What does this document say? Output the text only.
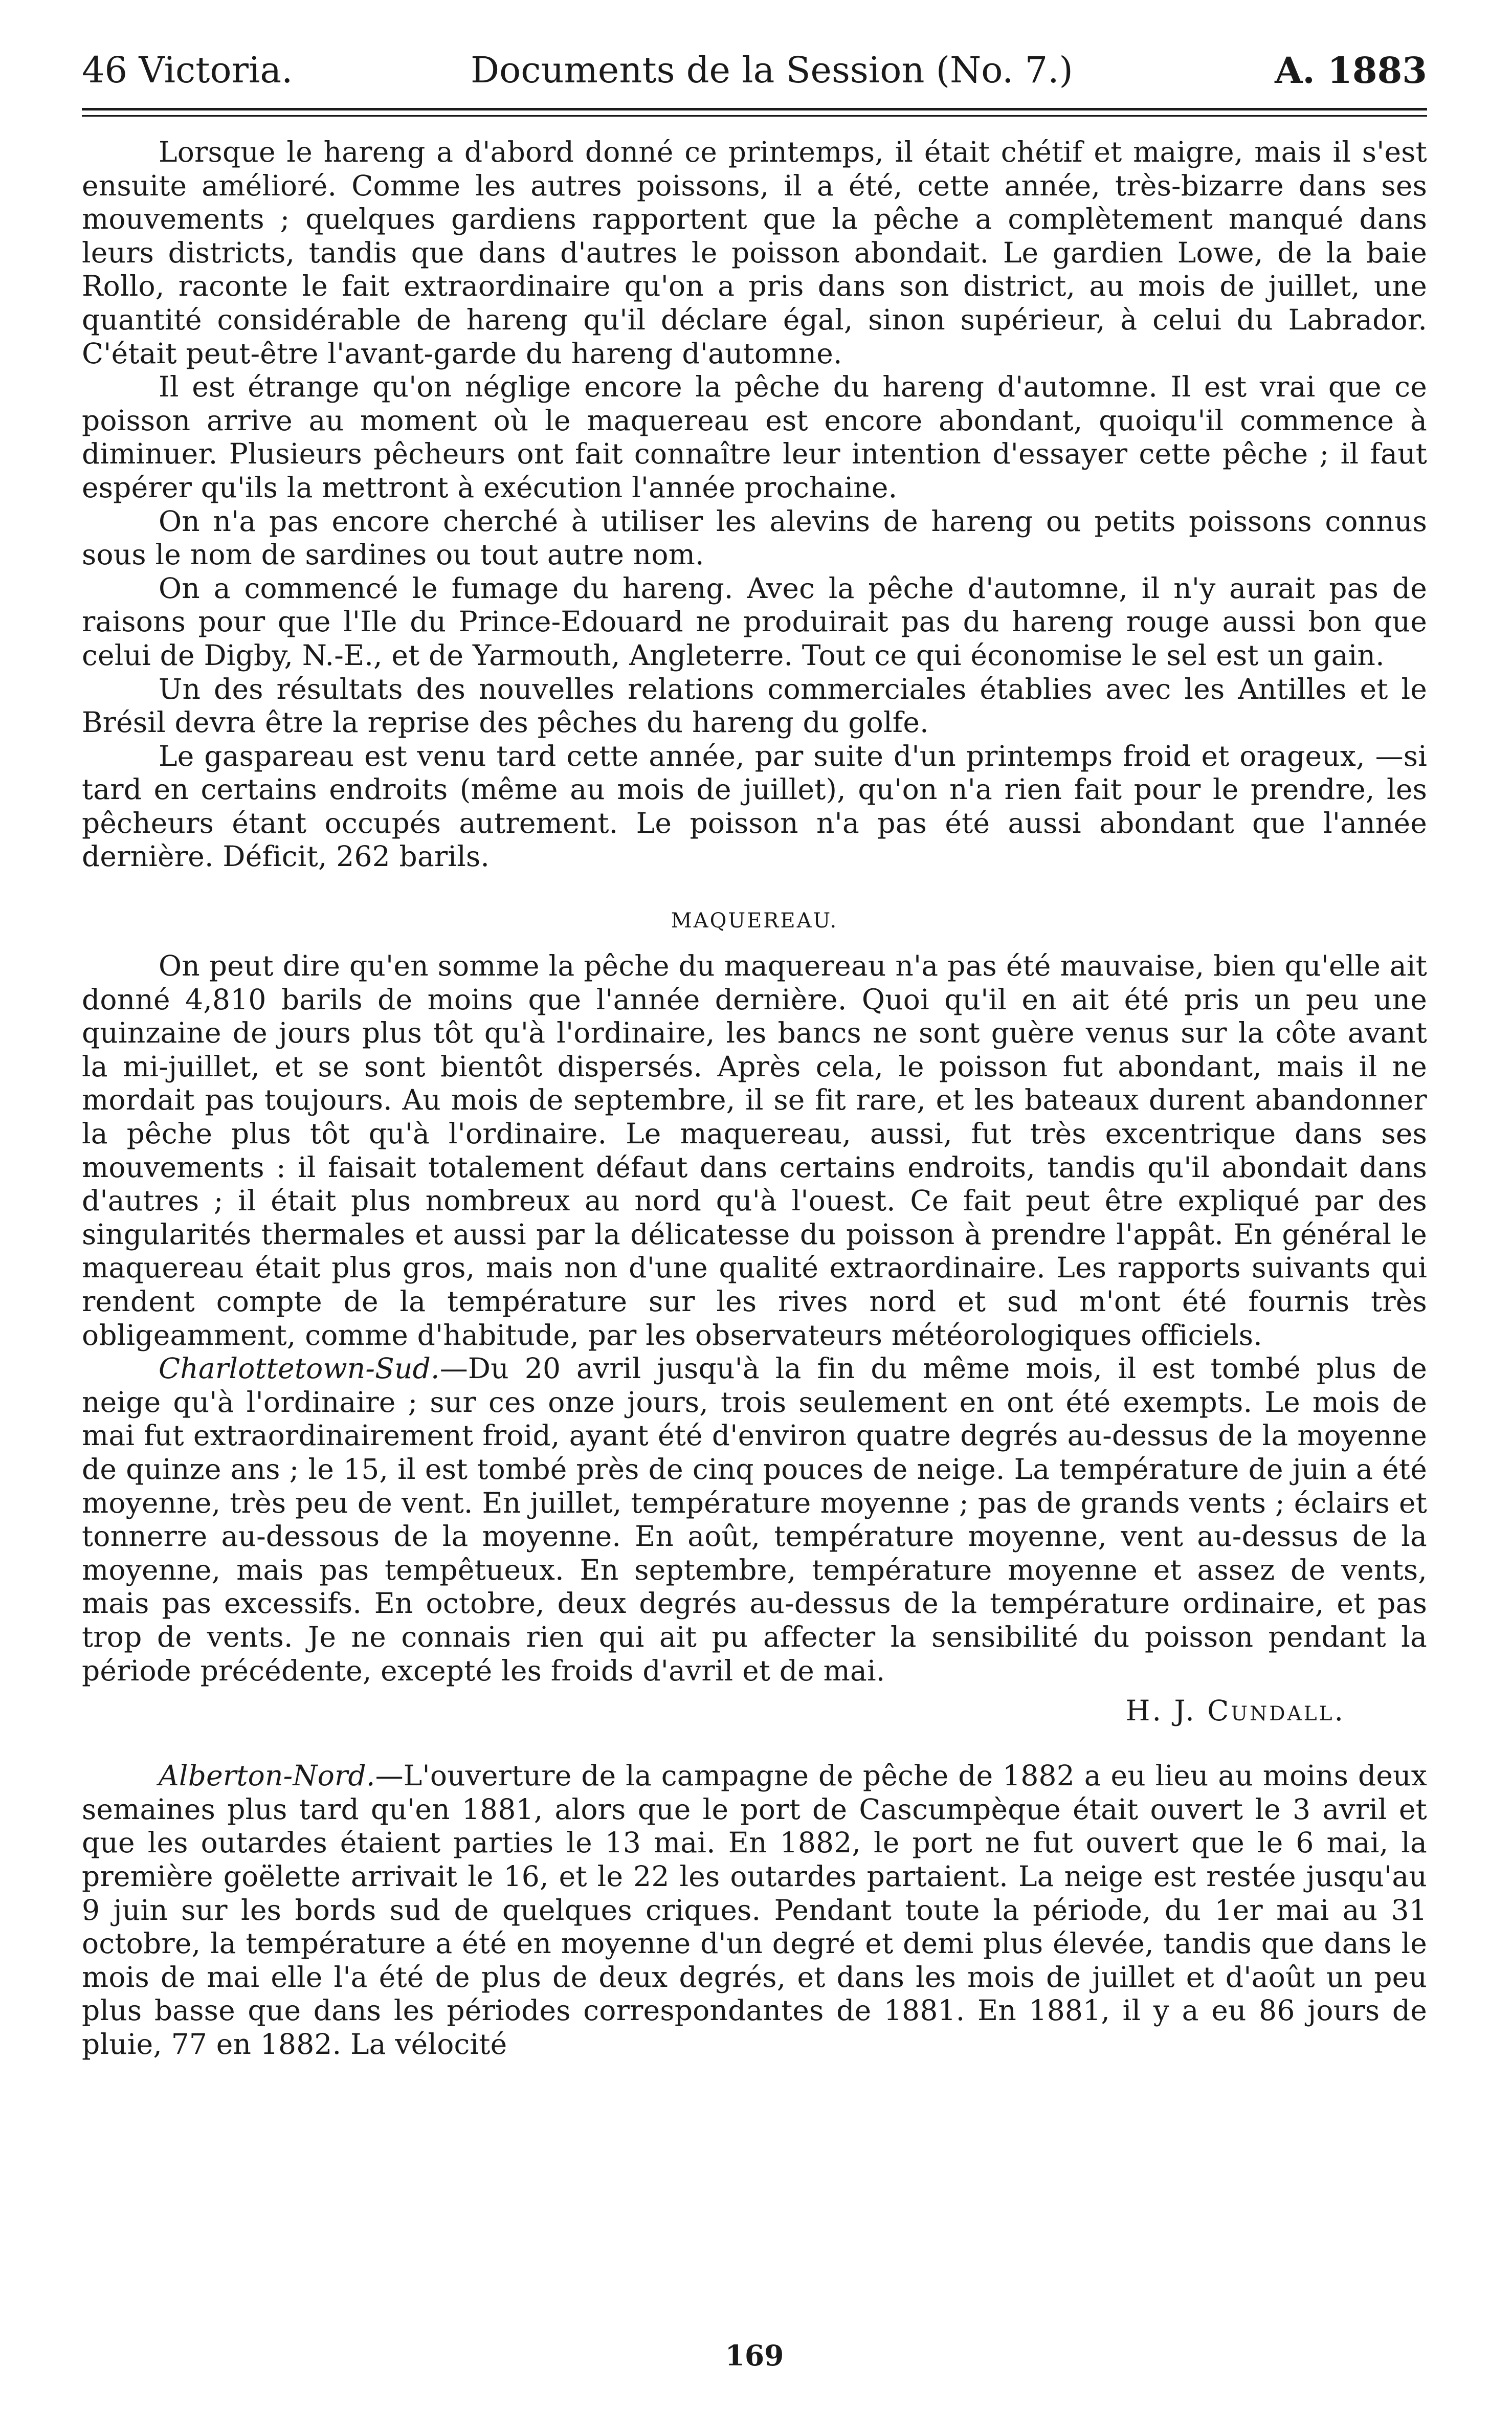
46 Victoria.	Documents de la Session (No. 7.)	A. 1883

Lorsque le hareng a d'abord donné ce printemps, il était chétif et maigre, mais il s'est ensuite amélioré. Comme les autres poissons, il a été, cette année, très-bizarre dans ses mouvements ; quelques gardiens rapportent que la pêche a complètement manqué dans leurs districts, tandis que dans d'autres le poisson abondait. Le gardien Lowe, de la baie Rollo, raconte le fait extraordinaire qu'on a pris dans son district, au mois de juillet, une quantité considérable de hareng qu'il déclare égal, sinon supérieur, à celui du Labrador. C'était peut-être l'avant-garde du hareng d'automne.

Il est étrange qu'on néglige encore la pêche du hareng d'automne. Il est vrai que ce poisson arrive au moment où le maquereau est encore abondant, quoiqu'il commence à diminuer. Plusieurs pêcheurs ont fait connaître leur intention d'essayer cette pêche ; il faut espérer qu'ils la mettront à exécution l'année prochaine.

On n'a pas encore cherché à utiliser les alevins de hareng ou petits poissons connus sous le nom de sardines ou tout autre nom.

On a commencé le fumage du hareng. Avec la pêche d'automne, il n'y aurait pas de raisons pour que l'Ile du Prince-Edouard ne produirait pas du hareng rouge aussi bon que celui de Digby, N.-E., et de Yarmouth, Angleterre. Tout ce qui économise le sel est un gain.

Un des résultats des nouvelles relations commerciales établies avec les Antilles et le Brésil devra être la reprise des pêches du hareng du golfe.

Le gaspareau est venu tard cette année, par suite d'un printemps froid et orageux, —si tard en certains endroits (même au mois de juillet), qu'on n'a rien fait pour le prendre, les pêcheurs étant occupés autrement. Le poisson n'a pas été aussi abondant que l'année dernière. Déficit, 262 barils.

MAQUEREAU.

On peut dire qu'en somme la pêche du maquereau n'a pas été mauvaise, bien qu'elle ait donné 4,810 barils de moins que l'année dernière. Quoi qu'il en ait été pris un peu une quinzaine de jours plus tôt qu'à l'ordinaire, les bancs ne sont guère venus sur la côte avant la mi-juillet, et se sont bientôt dispersés. Après cela, le poisson fut abondant, mais il ne mordait pas toujours. Au mois de septembre, il se fit rare, et les bateaux durent abandonner la pêche plus tôt qu'à l'ordinaire. Le maquereau, aussi, fut très excentrique dans ses mouvements : il faisait totalement défaut dans certains endroits, tandis qu'il abondait dans d'autres ; il était plus nombreux au nord qu'à l'ouest. Ce fait peut être expliqué par des singularités thermales et aussi par la délicatesse du poisson à prendre l'appât. En général le maquereau était plus gros, mais non d'une qualité extraordinaire. Les rapports suivants qui rendent compte de la température sur les rives nord et sud m'ont été fournis très obligeamment, comme d'habitude, par les observateurs météorologiques officiels.

Charlottetown-Sud.—Du 20 avril jusqu'à la fin du même mois, il est tombé plus de neige qu'à l'ordinaire ; sur ces onze jours, trois seulement en ont été exempts. Le mois de mai fut extraordinairement froid, ayant été d'environ quatre degrés au-dessus de la moyenne de quinze ans ; le 15, il est tombé près de cinq pouces de neige. La température de juin a été moyenne, très peu de vent. En juillet, température moyenne ; pas de grands vents ; éclairs et tonnerre au-dessous de la moyenne. En août, température moyenne, vent au-dessus de la moyenne, mais pas tempêtueux. En septembre, température moyenne et assez de vents, mais pas excessifs. En octobre, deux degrés au-dessus de la température ordinaire, et pas trop de vents. Je ne connais rien qui ait pu affecter la sensibilité du poisson pendant la période précédente, excepté les froids d'avril et de mai.

H. J. Cundall.

Alberton-Nord.—L'ouverture de la campagne de pêche de 1882 a eu lieu au moins deux semaines plus tard qu'en 1881, alors que le port de Cascumpèque était ouvert le 3 avril et que les outardes étaient parties le 13 mai. En 1882, le port ne fut ouvert que le 6 mai, la première goëlette arrivait le 16, et le 22 les outardes partaient. La neige est restée jusqu'au 9 juin sur les bords sud de quelques criques. Pendant toute la période, du 1er mai au 31 octobre, la température a été en moyenne d'un degré et demi plus élevée, tandis que dans le mois de mai elle l'a été de plus de deux degrés, et dans les mois de juillet et d'août un peu plus basse que dans les périodes correspondantes de 1881. En 1881, il y a eu 86 jours de pluie, 77 en 1882. La vélocité

169
